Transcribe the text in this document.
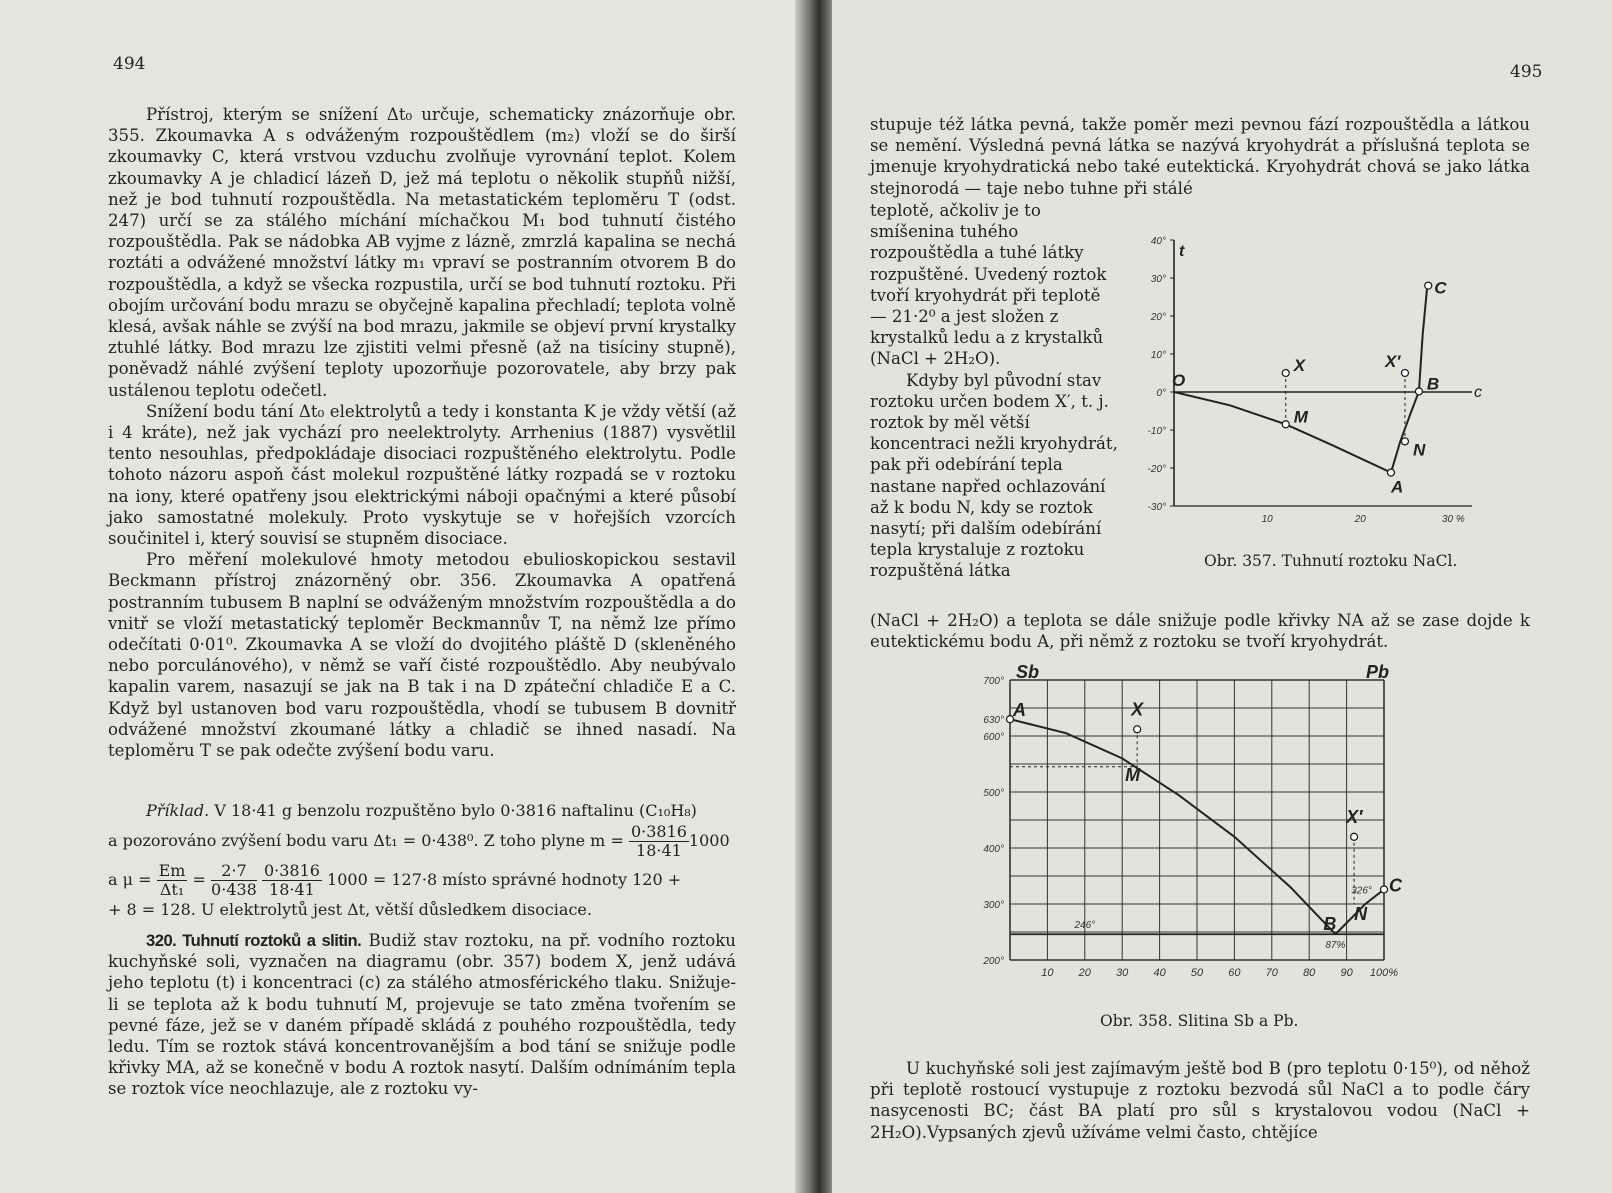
494

Přístroj, kterým se snížení Δt₀ určuje, schematicky znázorňuje obr. 355. Zkoumavka A s odváženým rozpouštědlem (m₂) vloží se do širší zkoumavky C, která vrstvou vzduchu zvolňuje vyrovnání teplot. Kolem zkoumavky A je chladicí lázeň D, jež má teplotu o několik stupňů nižší, než je bod tuhnutí rozpouštědla. Na metastatickém teploměru T (odst. 247) určí se za stálého míchání míchačkou M₁ bod tuhnutí čistého rozpouštědla. Pak se nádobka AB vyjme z lázně, zmrzlá kapalina se nechá roztáti a odvážené množství látky m₁ vpraví se postranním otvorem B do rozpouštědla, a když se všecka rozpustila, určí se bod tuhnutí roztoku. Při obojím určování bodu mrazu se obyčejně kapalina přechladí; teplota volně klesá, avšak náhle se zvýší na bod mrazu, jakmile se objeví první krystalky ztuhlé látky. Bod mrazu lze zjistiti velmi přesně (až na tisíciny stupně), poněvadž náhlé zvýšení teploty upozorňuje pozorovatele, aby brzy pak ustálenou teplotu odečetl.

Snížení bodu tání Δt₀ elektrolytů a tedy i konstanta K je vždy větší (až i 4 kráte), než jak vychází pro neelektrolyty. Arrhenius (1887) vysvětlil tento nesouhlas, předpokládaje disociaci rozpuštěného elektrolytu. Podle tohoto názoru aspoň část molekul rozpuštěné látky rozpadá se v roztoku na iony, které opatřeny jsou elektrickými náboji opačnými a které působí jako samostatné molekuly. Proto vyskytuje se v hořejších vzorcích součinitel i, který souvisí se stupněm disociace.

Pro měření molekulové hmoty metodou ebulioskopickou sestavil Beckmann přístroj znázorněný obr. 356. Zkoumavka A opatřená postranním tubusem B naplní se odváženým množstvím rozpouštědla a do vnitř se vloží metastatický teploměr Beckmannův T, na němž lze přímo odečítati 0·01⁰. Zkoumavka A se vloží do dvojitého pláště D (skleněného nebo porculánového), v němž se vaří čisté rozpouštědlo. Aby neubývalo kapalin varem, nasazují se jak na B tak i na D zpáteční chladiče E a C. Když byl ustanoven bod varu rozpouštědla, vhodí se tubusem B dovnitř odvážené množství zkoumané látky a chladič se ihned nasadí. Na teploměru T se pak odečte zvýšení bodu varu.

Příklad. V 18·41 g benzolu rozpuštěno bylo 0·3816 naftalinu (C₁₀H₈)
a pozorováno zvýšení bodu varu Δt₁ = 0·438⁰. Z toho plyne $m = \frac{0\cdot 3816}{18\cdot 41} 1000$
a $\mu = \frac{Em}{\text{Δt₁}} = \frac{2\cdot 7}{0\cdot 438}$
$\frac{0\cdot 3816}{18\cdot 41} 1000 = 127\cdot 8$ místo správné hodnoty 120 +
+ 8 = 128. U elektrolytů jest Δt, větší důsledkem disociace.

320. Tuhnutí roztoků a slitin. Budiž stav roztoku, na př. vodního roztoku kuchyňské soli, vyznačen na diagramu (obr. 357) bodem X, jenž udává jeho teplotu (t) i koncentraci (c) za stálého atmosférického tlaku. Snižuje-li se teplota až k bodu tuhnutí M, projevuje se tato změna tvořením se pevné fáze, jež se v daném případě skládá z pouhého rozpouštědla, tedy ledu. Tím se roztok stává koncentrovanějším a bod tání se snižuje podle křivky MA, až se konečně v bodu A roztok nasytí. Dalším odnímáním tepla se roztok více neochlazuje, ale z roztoku vy-

495
stupuje též látka pevná, takže poměr mezi pevnou fází rozpouštědla a látkou se nemění. Výsledná pevná látka se nazývá kryohydrát a příslušná teplota se jmenuje kryohydratická nebo také eutektická. Kryohydrát chová se jako látka stejnorodá — taje nebo tuhne při stálé
teplotě, ačkoliv je to smíšenina tuhého rozpouštědla a tuhé látky rozpuštěné. Uvedený roztok tvoří kryohydrát při teplotě — 21·2⁰ a jest složen z krystalků ledu a z krystalků (NaCl + 2H₂O).
Kdyby byl původní stav roztoku určen bodem X′, t. j. roztok by měl větší koncentraci nežli kryohydrát, pak při odebírání tepla nastane napřed ochlazování až k bodu N, kdy se roztok nasytí; při dalším odebírání tepla krystaluje z roztoku rozpuštěná látka
40°
30°
20°
10°
0°
-10°
-20°
-30°
10	20	30 %
t
c
O
X
M
X′
N
B
C
A
Obr. 357. Tuhnutí roztoku NaCl.
(NaCl + 2H₂O) a teplota se dále snižuje podle křivky NA až se zase dojde k eutektickému bodu A, při němž z roztoku se tvoří kryohydrát.
700°
630°
600°
500°
400°
300°
200°
10 20 30 40 50 60 70 80 90 100%
Sb	Pb
A	X
M
X′
N
B
C
246°
326°
87%
Obr. 358. Slitina Sb a Pb.

U kuchyňské soli jest zajímavým ještě bod B (pro teplotu 0·15⁰), od něhož při teplotě rostoucí vystupuje z roztoku bezvodá sůl NaCl a to podle čáry nasycenosti BC; část BA platí pro sůl s krystalovou vodou (NaCl + 2H₂O).Vypsaných zjevů užíváme velmi často, chtějíce
